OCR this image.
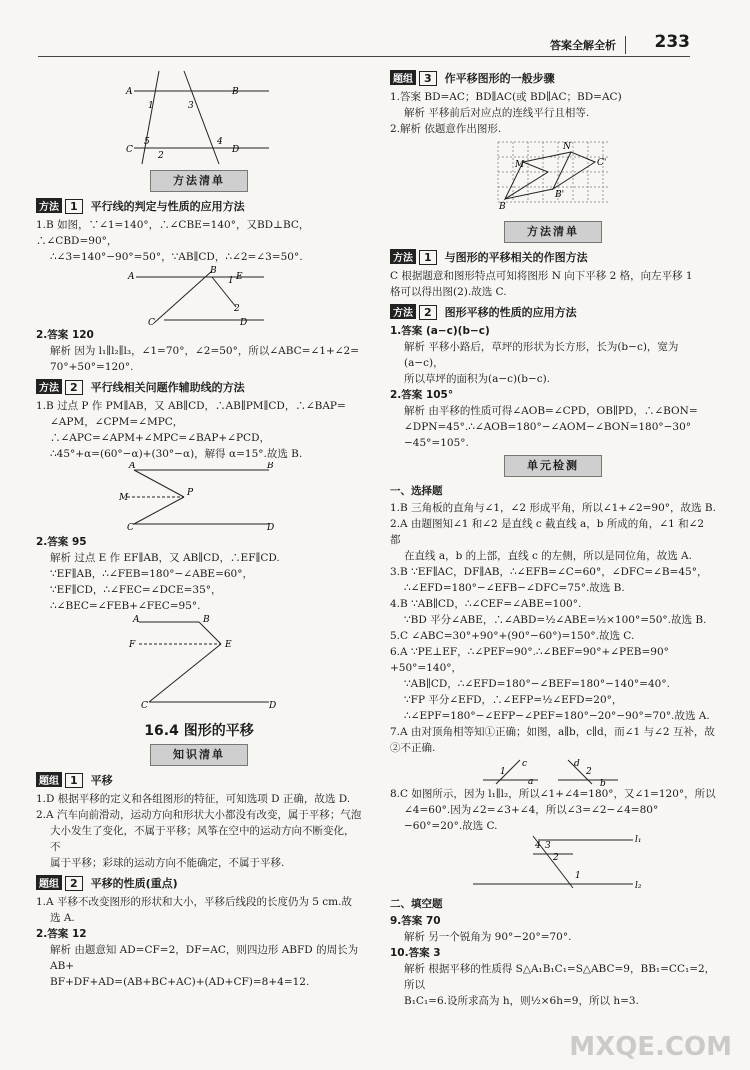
答案全解全析 233
A	B
C	D
1	3
5	4
2
方法清单
方法 1 平行线的判定与性质的应用方法

1.B 如图，∵∠1=140°，∴∠CBE=140°，又BD⊥BC，∴∠CBD=90°，

∴∠3=140°−90°=50°，∵AB∥CD，∴∠2=∠3=50°.

A
B
E
C	D
1
2

2.答案 120

解析 因为 l₁∥l₂∥l₃，∠1=70°，∠2=50°，所以∠ABC=∠1+∠2=

70°+50°=120°.

方法 2 平行线相关问题作辅助线的方法

1.B 过点 P 作 PM∥AB，又 AB∥CD，∴AB∥PM∥CD，∴∠BAP=

∠APM，∠CPM=∠MPC，∴∠APC=∠APM+∠MPC=∠BAP+∠PCD，

∴45°+α=(60°−α)+(30°−α)，解得 α=15°.故选 B.

A	B
P
M
C	D

2.答案 95

解析 过点 E 作 EF∥AB，又 AB∥CD，∴EF∥CD.

∵EF∥AB，∴∠FEB=180°−∠ABE=60°，

∵EF∥CD，∴∠FEC=∠DCE=35°，

∴∠BEC=∠FEB+∠FEC=95°.

A	B
F	E
C	D
16.4 图形的平移
知识清单
题组 1 平移

1.D 根据平移的定义和各组图形的特征，可知选项 D 正确，故选 D.

2.A 汽车向前滑动，运动方向和形状大小都没有改变，属于平移；气泡

大小发生了变化，不属于平移；风筝在空中的运动方向不断变化，不

属于平移；彩球的运动方向不能确定，不属于平移.

题组 2 平移的性质(重点)

1.A 平移不改变图形的形状和大小，平移后线段的长度仍为 5 cm.故

选 A.

2.答案 12

解析 由题意知 AD=CF=2，DF=AC，则四边形 ABFD 的周长为 AB+

BF+DF+AD=(AB+BC+AC)+(AD+CF)=8+4=12.

题组 3 作平移图形的一般步骤

1.答案 BD=AC；BD∥AC(或 BD∥AC；BD=AC)

解析 平移前后对应点的连线平行且相等.

2.解析 依题意作出图形.

B
M
N
C'
B'
方法清单
方法 1 与图形的平移相关的作图方法

C 根据题意和图形特点可知将图形 N 向下平移 2 格，向左平移 1

格可以得出图(2).故选 C.

方法 2 图形平移的性质的应用方法

1.答案 (a−c)(b−c)

解析 平移小路后，草坪的形状为长方形，长为(b−c)，宽为(a−c)，

所以草坪的面积为(a−c)(b−c).

2.答案 105°

解析 由平移的性质可得∠AOB=∠CPD，OB∥PD，∴∠BON=

∠DPN=45°.∴∠AOB=180°−∠AOM−∠BON=180°−30°−45°=105°.

单元检测
一、选择题

1.B 三角板的直角与∠1，∠2 形成平角，所以∠1+∠2=90°，故选 B.

2.A 由题图知∠1 和∠2 是直线 c 截直线 a，b 所成的角，∠1 和∠2 都

在直线 a，b 的上部，直线 c 的左侧，所以是同位角，故选 A.

3.B ∵EF∥AC，DF∥AB，∴∠EFB=∠C=60°，∠DFC=∠B=45°，

∴∠EFD=180°−∠EFB−∠DFC=75°.故选 B.

4.B ∵AB∥CD，∴∠CEF=∠ABE=100°.

∵BD 平分∠ABE，∴∠ABD=½∠ABE=½×100°=50°.故选 B.

5.C ∠ABC=30°+90°+(90°−60°)=150°.故选 C.

6.A ∵PE⊥EF，∴∠PEF=90°.∴∠BEF=90°+∠PEB=90°+50°=140°，

∵AB∥CD，∴∠EFD=180°−∠BEF=180°−140°=40°.

∵FP 平分∠EFD，∴∠EFP=½∠EFD=20°，

∴∠EPF=180°−∠EFP−∠PEF=180°−20°−90°=70°.故选 A.

7.A 由对顶角相等知①正确；如图，a∥b，c∥d，而∠1 与∠2 互补，故

②不正确.

1
c
a
d
2
b

8.C 如图所示，因为 l₁∥l₂，所以∠1+∠4=180°，又∠1=120°，所以

∠4=60°.因为∠2=∠3+∠4，所以∠3=∠2−∠4=80°−60°=20°.故选 C.

4 3
2
1
l₁
l₂
二、填空题

9.答案 70

解析 另一个锐角为 90°−20°=70°.

10.答案 3

解析 根据平移的性质得 S△A₁B₁C₁=S△ABC=9，BB₁=CC₁=2，所以

B₁C₁=6.设所求高为 h，则½×6h=9，所以 h=3.

MXQE.COM
